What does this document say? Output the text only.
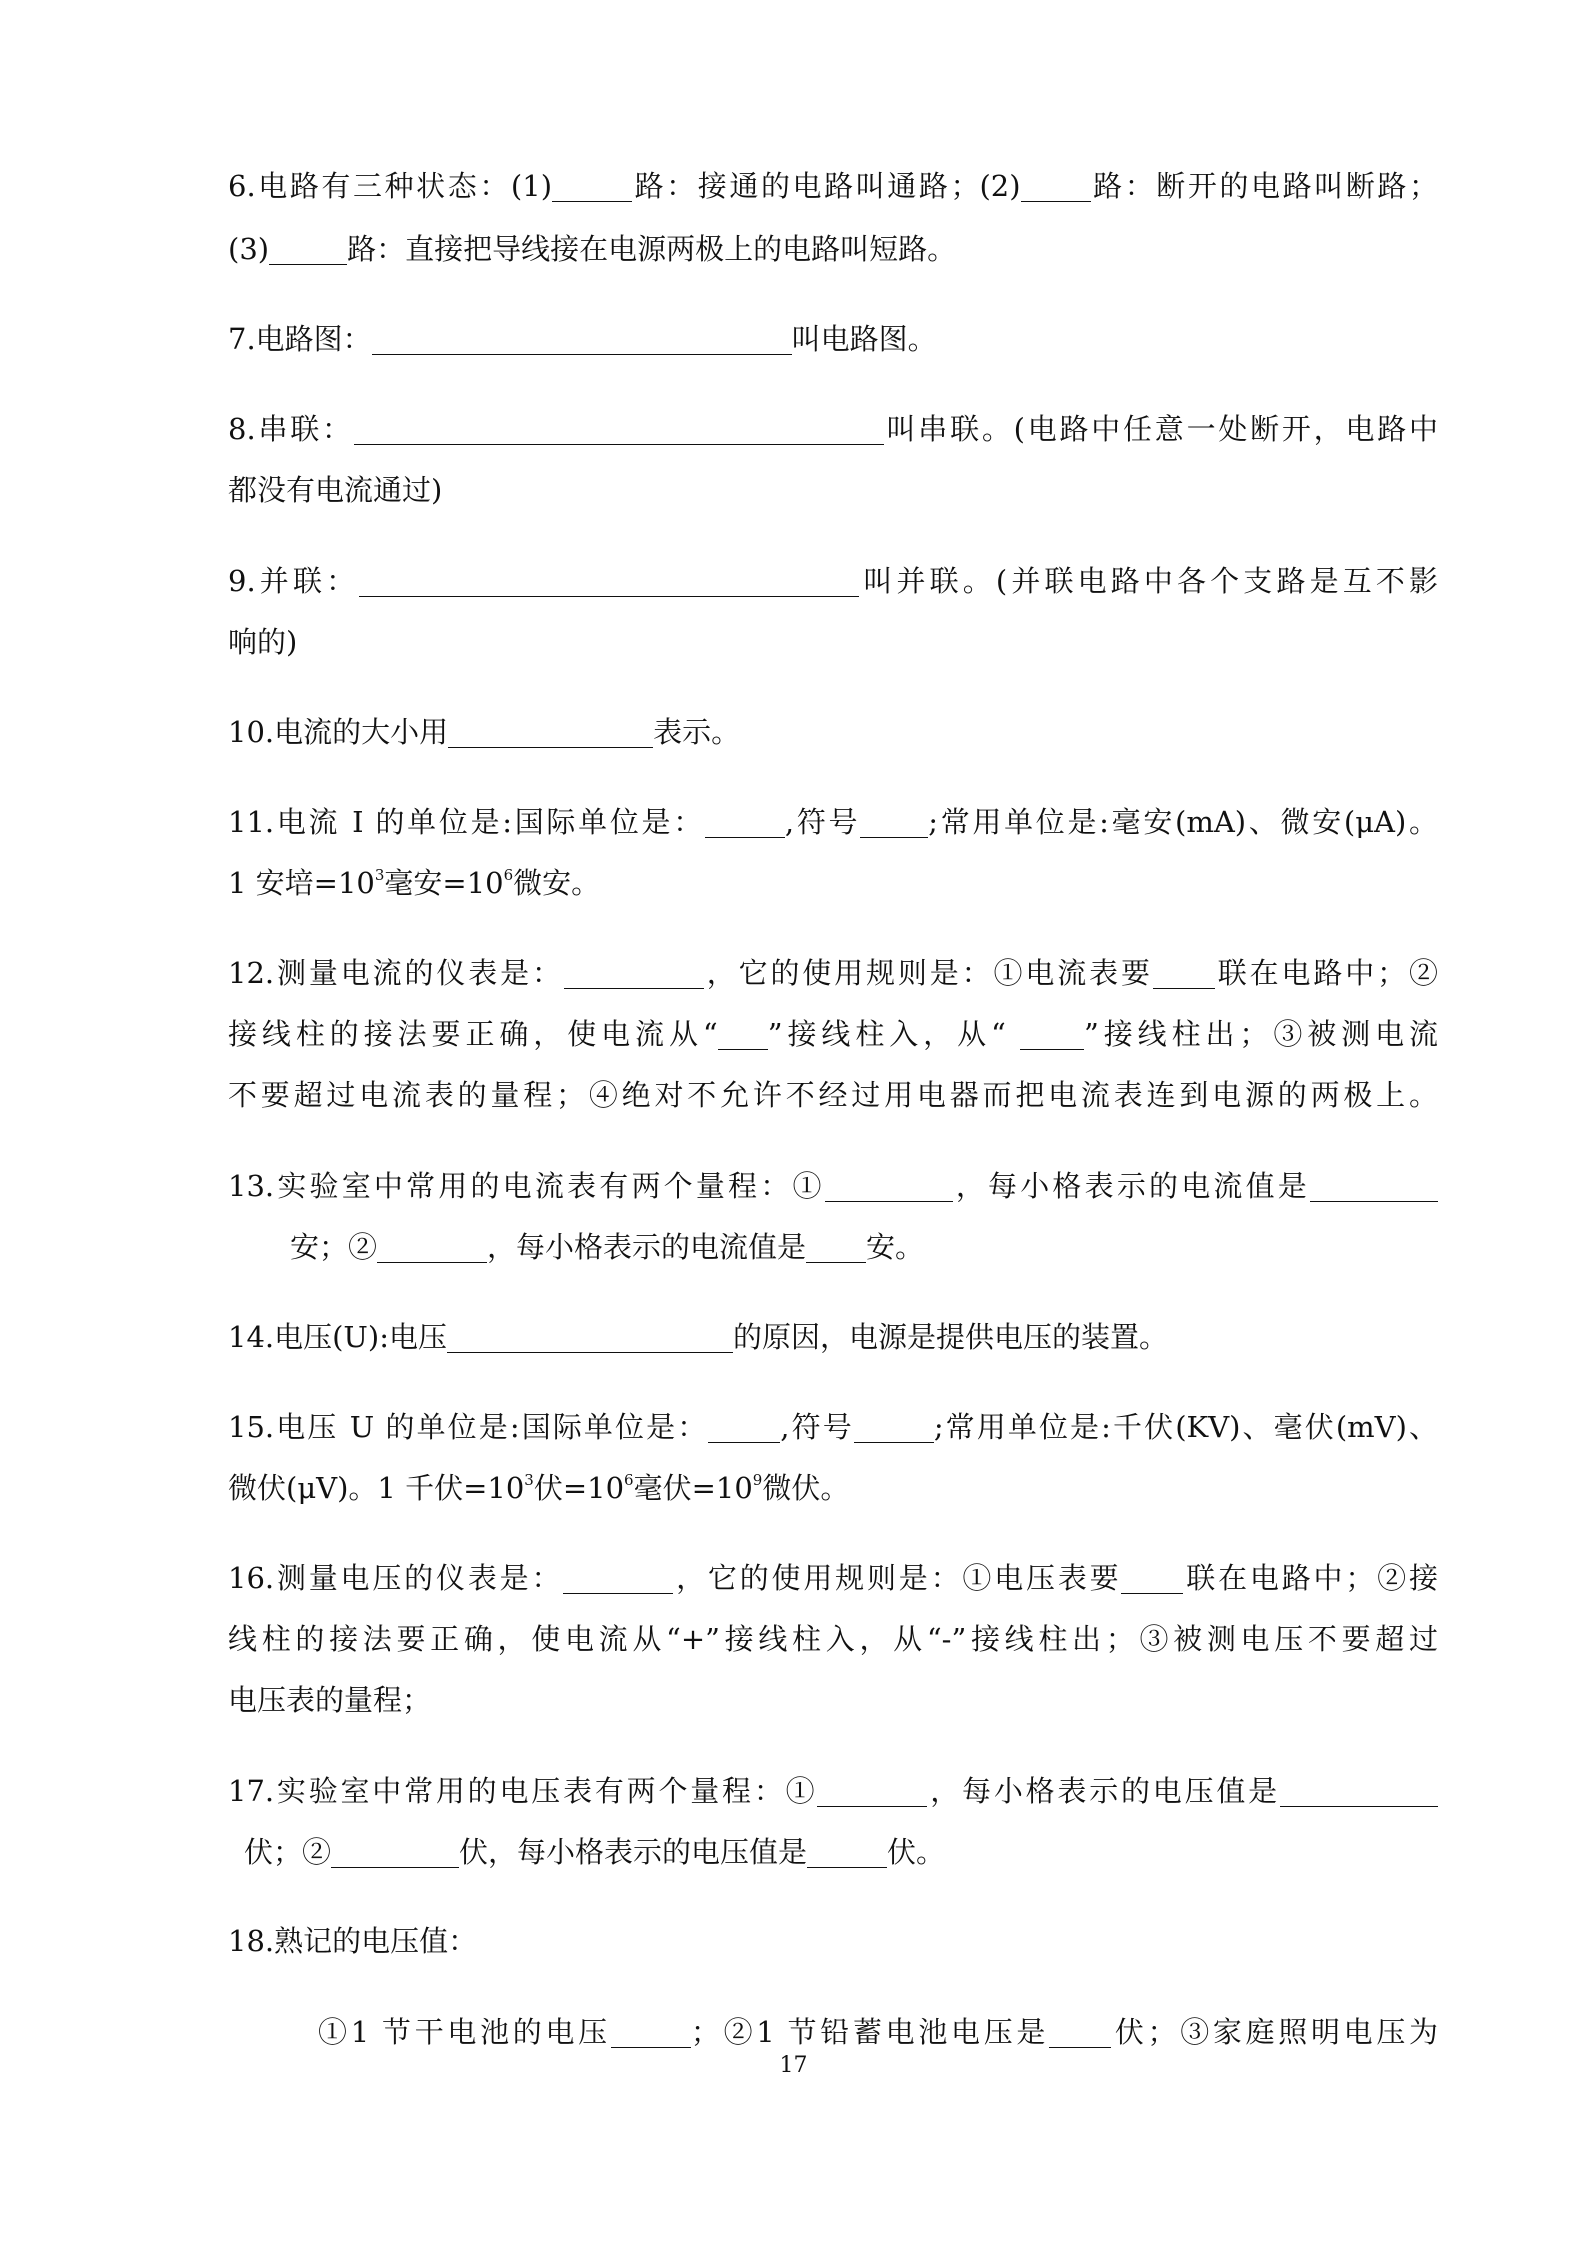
6.电路有三种状态：(1)	路：接通的电路叫通路；(2) 路：断开的电路叫断路；
(3)	路：直接把导线接在电源两极上的电路叫短路。
7.电路图：	叫电路图。
8.串联：	叫串联。(电路中任意一处断开，电路中
都没有电流通过)
9.并联：	叫并联。(并联电路中各个支路是互不影
响的)
10.电流的大小用	表示。
11.电流 I 的单位是:国际单位是：	,符号 ;常用单位是:毫安(mA)、微安(μA)。
1 安培$=10^3$毫安$=10^6$微安。
12.测量电流的仪表是：	，它的使用规则是：①电流表要 联在电路中；②
接线柱的接法要正确，使电流从“ ”接线柱入，从“ ”接线柱出；③被测电流
不要超过电流表的量程；④绝对不允许不经过用电器而把电流表连到电源的两极上。
13.实验室中常用的电流表有两个量程：①	，每小格表示的电流值是
安；②	，每小格表示的电流值是 安。
14.电压(U):电压	的原因，电源是提供电压的装置。
15.电压 U 的单位是:国际单位是： ,符号	;常用单位是:千伏(KV)、毫伏(mV)、
微伏(μV)。1 千伏$=10^3$伏$=10^6$毫伏$=10^9$微伏。
16.测量电压的仪表是：	，它的使用规则是：①电压表要 联在电路中；②接
线柱的接法要正确，使电流从“+”接线柱入，从“-”接线柱出；③被测电压不要超过
电压表的量程；
17.实验室中常用的电压表有两个量程：①	，每小格表示的电压值是
伏；②	伏，每小格表示的电压值是	伏。
18.熟记的电压值：
①1 节干电池的电压	；②1 节铅蓄电池电压是 伏；③家庭照明电压为
17
